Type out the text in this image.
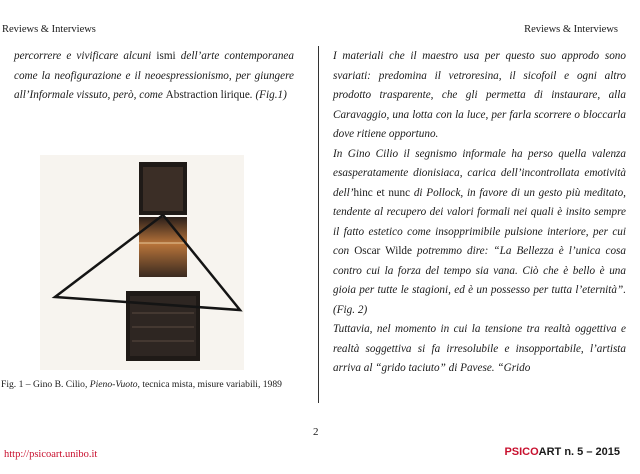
Reviews & Interviews	Reviews & Interviews
percorrere e vivificare alcuni ismi dell’arte contemporanea come la neofigurazione e il neoespressionismo, per giungere all’Informale vissuto, però, come Abstraction lirique. (Fig.1)
Fig. 1 – Gino B. Cilio, Pieno-Vuoto, tecnica mista, misure variabili, 1989

I materiali che il maestro usa per questo suo approdo sono svariati: predomina il vetroresina, il sicofoil e ogni altro prodotto trasparente, che gli permetta di instaurare, alla Caravaggio, una lotta con la luce, per farla scorrere o bloccarla dove ritiene opportuno.

In Gino Cilio il segnismo informale ha perso quella valenza esasperatamente dionisiaca, carica dell’incontrollata emotività dell’hinc et nunc di Pollock, in favore di un gesto più meditato, tendente al recupero dei valori formali nei quali è insito sempre il fatto estetico come insopprimibile pulsione interiore, per cui con Oscar Wilde potremmo dire: “La Bellezza è l’unica cosa contro cui la forza del tempo sia vana. Ciò che è bello è una gioia per tutte le stagioni, ed è un possesso per tutta l’eternità”. (Fig. 2)

Tuttavia, nel momento in cui la tensione tra realtà oggettiva e realtà soggettiva si fa irresolubile e insopportabile, l’artista arriva al “grido taciuto” di Pavese. “Grido

2
http://psicoart.unibo.it	PSICOART n. 5 – 2015
